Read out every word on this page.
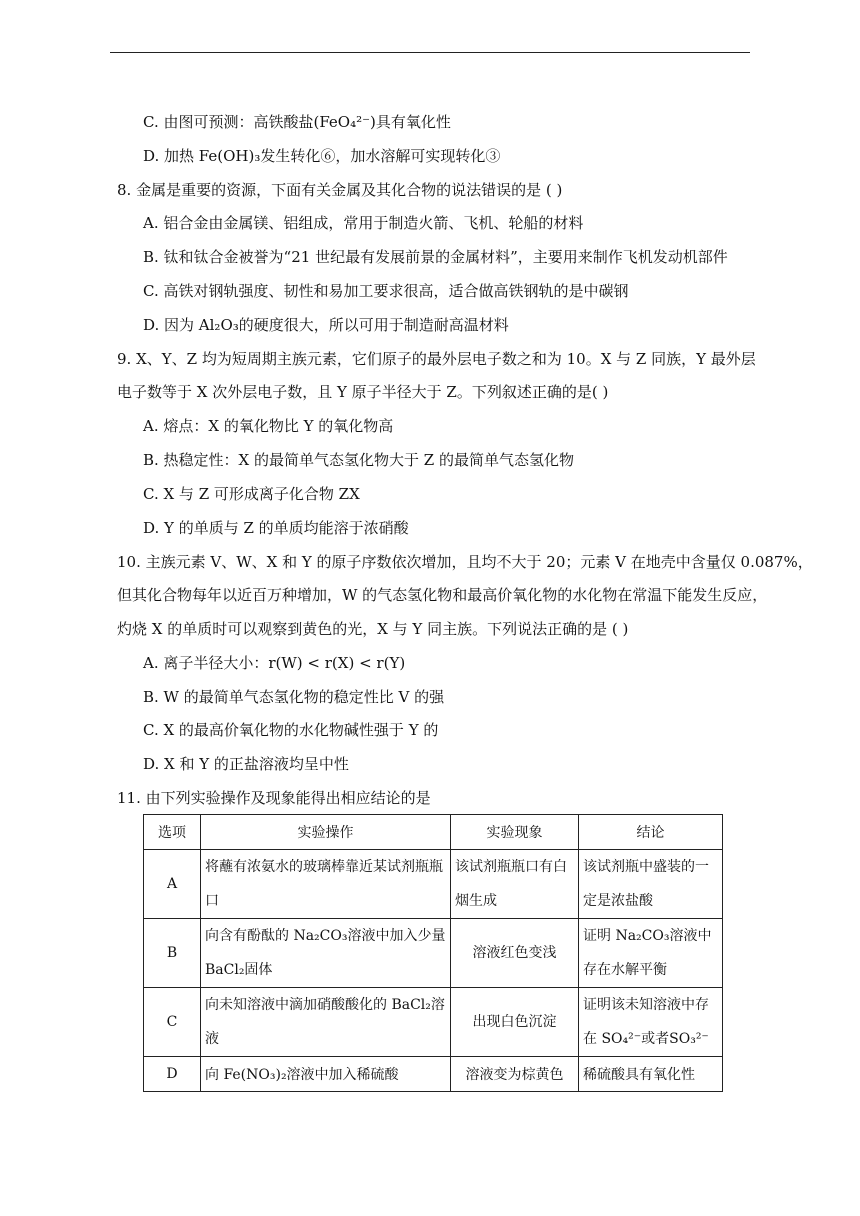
C. 由图可预测：高铁酸盐(FeO₄²⁻)具有氧化性
D. 加热 Fe(OH)₃发生转化⑥，加水溶解可实现转化③
8. 金属是重要的资源，下面有关金属及其化合物的说法错误的是 ( )
A. 铝合金由金属镁、铝组成，常用于制造火箭、飞机、轮船的材料
B. 钛和钛合金被誉为“21 世纪最有发展前景的金属材料”，主要用来制作飞机发动机部件
C. 高铁对钢轨强度、韧性和易加工要求很高，适合做高铁钢轨的是中碳钢
D. 因为 Al₂O₃的硬度很大，所以可用于制造耐高温材料
9. X、Y、Z 均为短周期主族元素，它们原子的最外层电子数之和为 10。X 与 Z 同族，Y 最外层
电子数等于 X 次外层电子数，且 Y 原子半径大于 Z。下列叙述正确的是( )
A. 熔点：X 的氧化物比 Y 的氧化物高
B. 热稳定性：X 的最简单气态氢化物大于 Z 的最简单气态氢化物
C. X 与 Z 可形成离子化合物 ZX
D. Y 的单质与 Z 的单质均能溶于浓硝酸
10. 主族元素 V、W、X 和 Y 的原子序数依次增加，且均不大于 20；元素 V 在地壳中含量仅 0.087%，
但其化合物每年以近百万种增加，W 的气态氢化物和最高价氧化物的水化物在常温下能发生反应，
灼烧 X 的单质时可以观察到黄色的光，X 与 Y 同主族。下列说法正确的是 ( )
A. 离子半径大小：r(W) < r(X) < r(Y)
B. W 的最简单气态氢化物的稳定性比 V 的强
C. X 的最高价氧化物的水化物碱性强于 Y 的
D. X 和 Y 的正盐溶液均呈中性
11. 由下列实验操作及现象能得出相应结论的是
选项	实验操作	实验现象	结论
A	将蘸有浓氨水的玻璃棒靠近某试剂瓶瓶口	该试剂瓶瓶口有白烟生成	该试剂瓶中盛装的一定是浓盐酸
B	向含有酚酞的 Na₂CO₃溶液中加入少量 BaCl₂固体	溶液红色变浅	证明 Na₂CO₃溶液中存在水解平衡
C	向未知溶液中滴加硝酸酸化的 BaCl₂溶液	出现白色沉淀	证明该未知溶液中存在 SO₄²⁻或者SO₃²⁻
D	向 Fe(NO₃)₂溶液中加入稀硫酸	溶液变为棕黄色	稀硫酸具有氧化性
